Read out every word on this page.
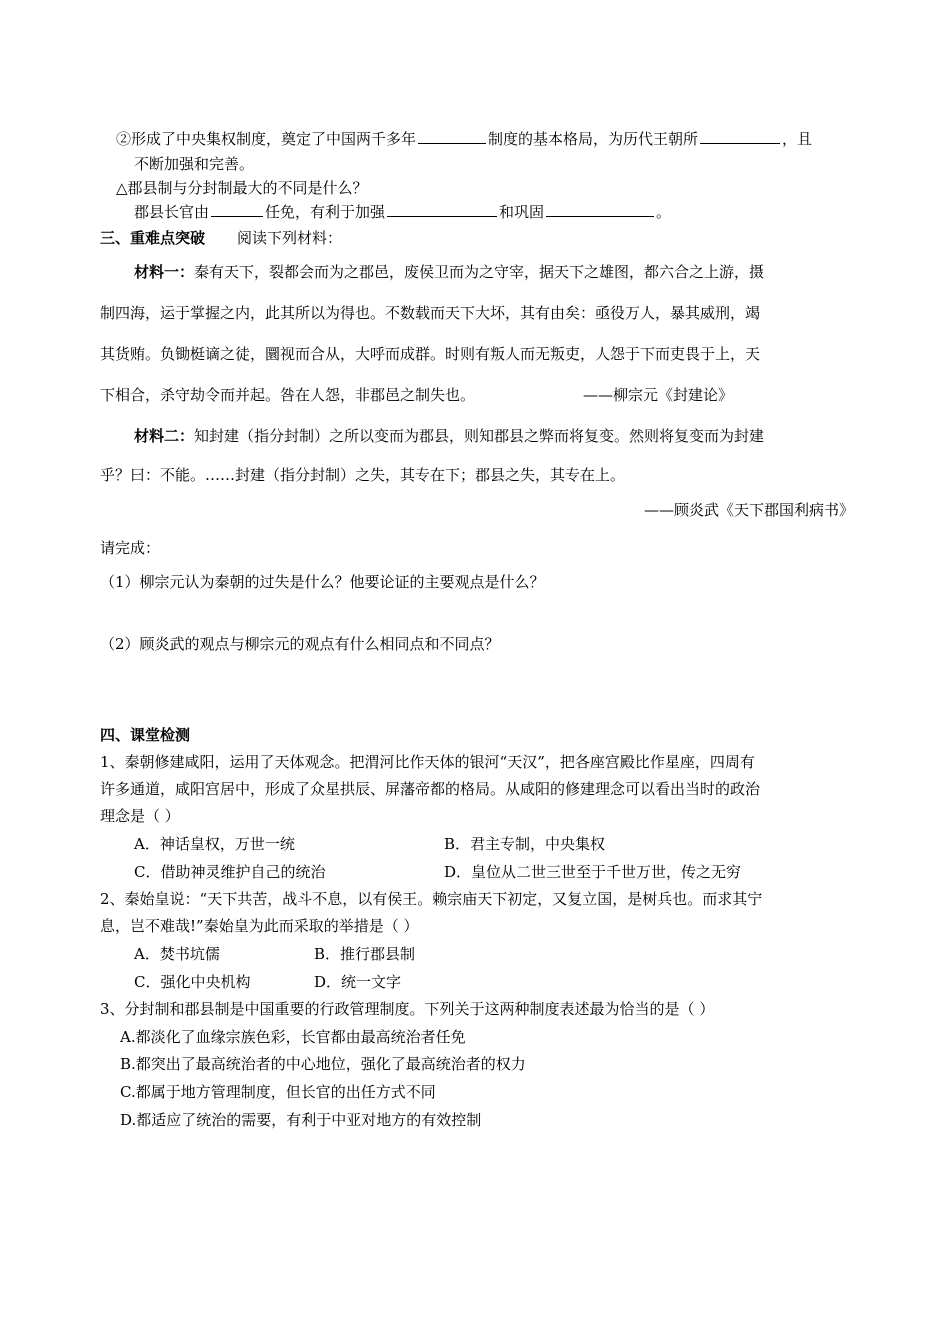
②形成了中央集权制度，奠定了中国两千多年	制度的基本格局，为历代王朝所	，且
不断加强和完善。
△郡县制与分封制最大的不同是什么？
郡县长官由	任免，有利于加强	和巩固	。
三、重难点突破 阅读下列材料：
材料一：秦有天下，裂都会而为之郡邑，废侯卫而为之守宰，据天下之雄图，都六合之上游，摄
制四海，运于掌握之内，此其所以为得也。不数载而天下大坏，其有由矣：亟役万人，暴其威刑，竭
其货贿。负锄梃谪之徒，圜视而合从，大呼而成群。时则有叛人而无叛吏，人怨于下而吏畏于上，天
下相合，杀守劫令而并起。咎在人怨，非郡邑之制失也。	——柳宗元《封建论》
材料二：知封建（指分封制）之所以变而为郡县，则知郡县之弊而将复变。然则将复变而为封建
乎？曰：不能。……封建（指分封制）之失，其专在下；郡县之失，其专在上。
——顾炎武《天下郡国利病书》
请完成：
（1）柳宗元认为秦朝的过失是什么？他要论证的主要观点是什么？
（2）顾炎武的观点与柳宗元的观点有什么相同点和不同点？
四、课堂检测
1、秦朝修建咸阳，运用了天体观念。把渭河比作天体的银河“天汉”，把各座宫殿比作星座，四周有
许多通道，咸阳宫居中，形成了众星拱辰、屏藩帝都的格局。从咸阳的修建理念可以看出当时的政治
理念是（ ）
A．神话皇权，万世一统	B．君主专制，中央集权
C．借助神灵维护自己的统治	D．皇位从二世三世至于千世万世，传之无穷
2、秦始皇说：“天下共苦，战斗不息，以有侯王。赖宗庙天下初定，又复立国，是树兵也。而求其宁
息，岂不难哉!”秦始皇为此而采取的举措是（ ）
A．焚书坑儒	B．推行郡县制
C．强化中央机构	D．统一文字
3、分封制和郡县制是中国重要的行政管理制度。下列关于这两种制度表述最为恰当的是（ ）
A.都淡化了血缘宗族色彩，长官都由最高统治者任免
B.都突出了最高统治者的中心地位，强化了最高统治者的权力
C.都属于地方管理制度，但长官的出任方式不同
D.都适应了统治的需要，有利于中亚对地方的有效控制
